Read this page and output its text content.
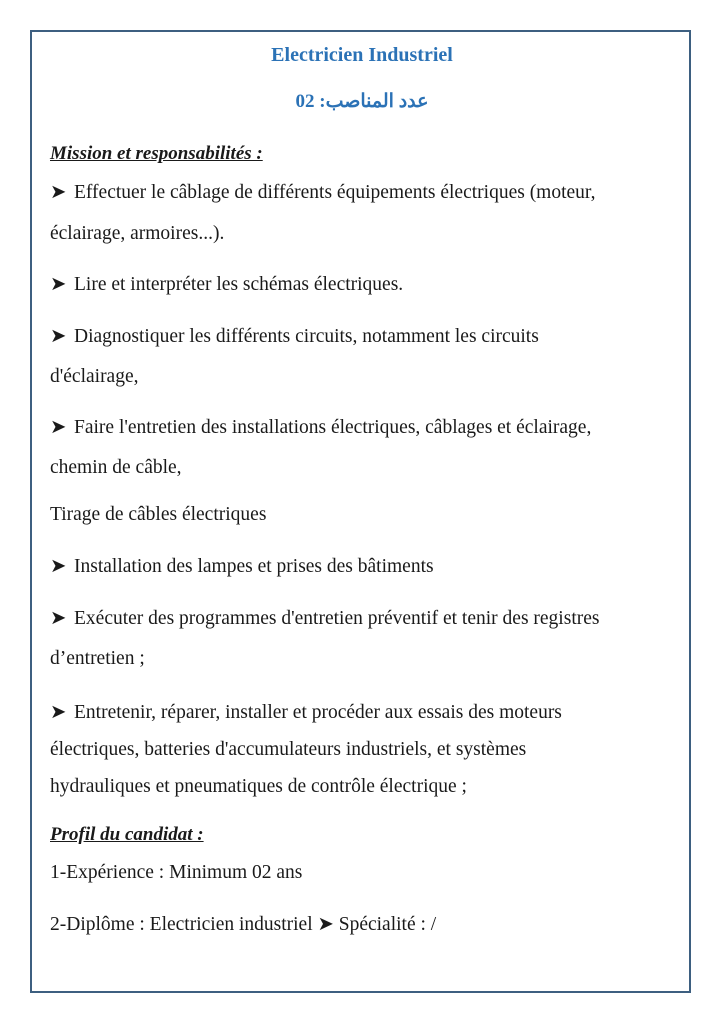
Electricien Industriel
عدد المناصب: 02
Mission et responsabilités :
➤ Effectuer le câblage de différents équipements électriques (moteur,
éclairage, armoires...).
➤ Lire et interpréter les schémas électriques.
➤ Diagnostiquer les différents circuits, notamment les circuits
d'éclairage,
➤ Faire l'entretien des installations électriques, câblages et éclairage,
chemin de câble,
Tirage de câbles électriques
➤ Installation des lampes et prises des bâtiments
➤ Exécuter des programmes d'entretien préventif et tenir des registres
d’entretien ;
➤ Entretenir, réparer, installer et procéder aux essais des moteurs
électriques, batteries d'accumulateurs industriels, et systèmes
hydrauliques et pneumatiques de contrôle électrique ;
Profil du candidat :
1-Expérience : Minimum 02 ans
2-Diplôme : Electricien industriel ➤ Spécialité : /
